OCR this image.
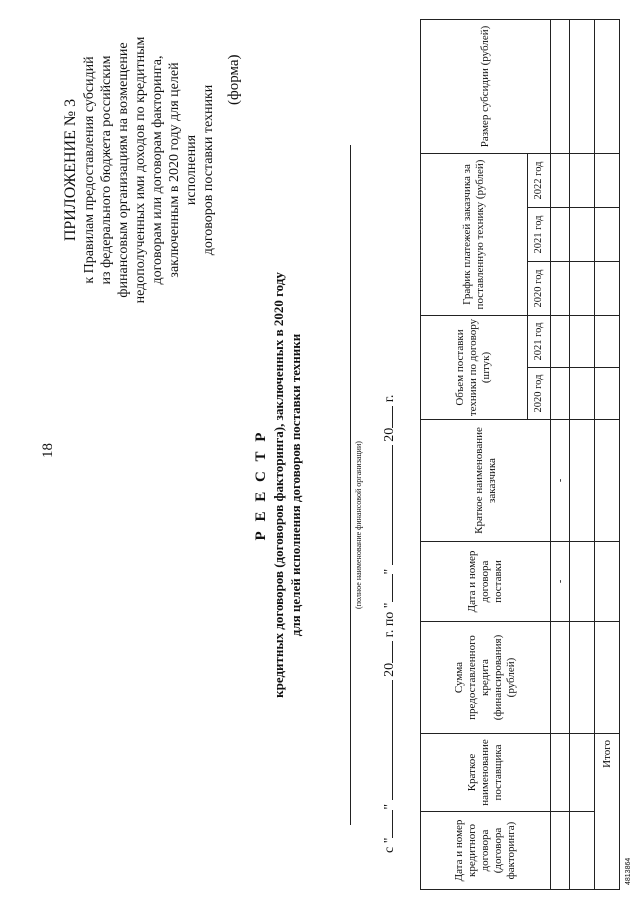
18
ПРИЛОЖЕНИЕ № 3 к Правилам предоставления субсидий из федерального бюджета российским финансовым организациям на возмещение недополученных ими доходов по кредитным договорам или договорам факторинга, заключенным в 2020 году для целей исполнения договоров поставки техники
(форма)
Р Е Е С Т Р кредитных договоров (договоров факторинга), заключенных в 2020 году для целей исполнения договоров поставки техники	(полное наименование финансовой организации)
с ""  20 г. по ""  20 г.
Дата и номер кредитного договора (договора факторинга)	Краткое наименование поставщика	Сумма предоставленного кредита (финансирования) (рублей)	Дата и номер договора поставки	Краткое наименование заказчика	Объем поставки техники по договору (штук)		График платежей заказчика за поставленную технику (рублей)			Размер субсидии (рублей)
					2020 год	2021 год	2020 год	2021 год	2022 год	
			-	-						

Итого										
4813864
